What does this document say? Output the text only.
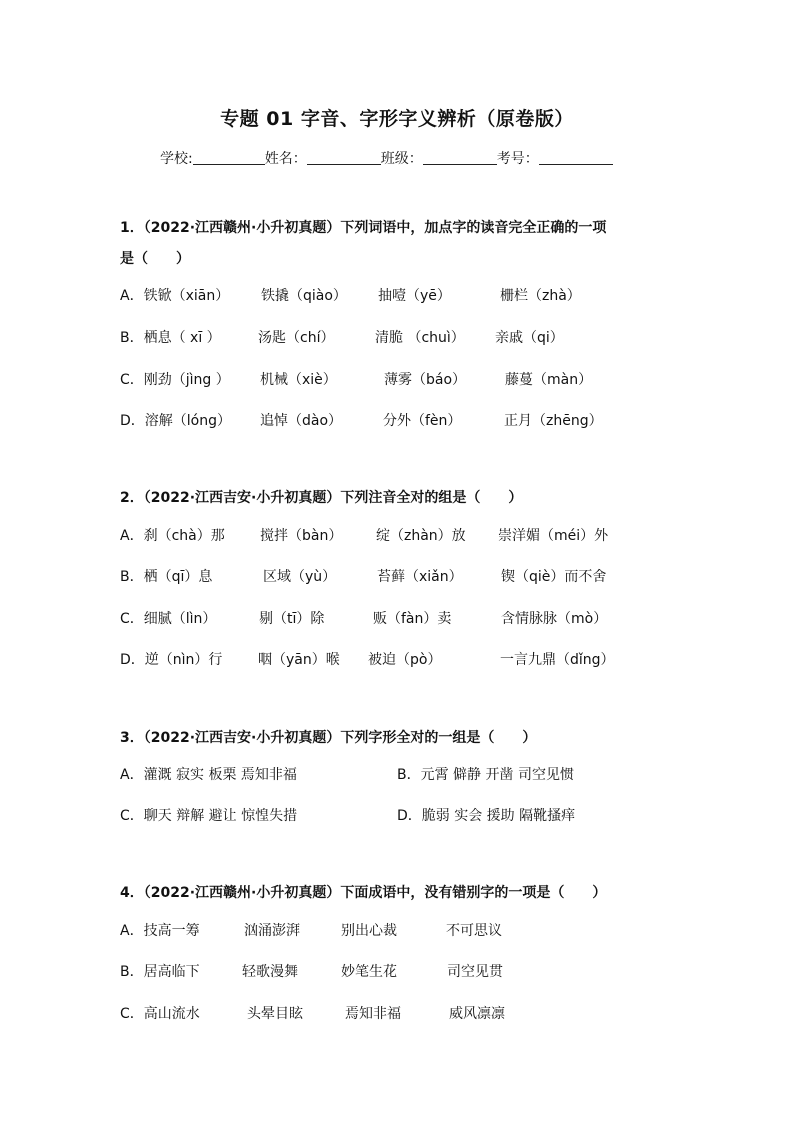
专题 01 字音、字形字义辨析（原卷版）
学校:	姓名：	班级：	考号：
1．（2022·江西赣州·小升初真题）下列词语中，加点字的读音完全正确的一项
是（　　）
A．铁锨（xiān） 铁撬（qiào） 抽噎（yē）	栅栏（zhà）
B．栖息（ xī ）	汤匙（chí）	清脆 （chuì） 亲戚（qi）
C．刚劲（jìng ） 机械（xiè）	薄雾（báo）	藤蔓（màn）
D．溶解（lóng） 追悼（dào）	分外（fèn）	正月（zhēng）
2．（2022·江西吉安·小升初真题）下列注音全对的组是（　　）
A．刹（chà）那	搅拌（bàn） 绽（zhàn）放 崇洋媚（méi）外
B．栖（qī）息	区域（yù）	苔藓（xiǎn）	锲（qiè）而不舍
C．细腻（lìn）	剔（tī）除	贩（fàn）卖	含情脉脉（mò）
D．逆（nìn）行	咽（yān）喉 被迫（pò）	一言九鼎（dǐng）
3．（2022·江西吉安·小升初真题）下列字形全对的一组是（　　）
A．灌溉 寂实 板栗 焉知非福	B．元霄 僻静 开凿 司空见惯
C．聊天 辩解 避让 惊惶失措	D．脆弱 实会 援助 隔靴搔痒
4．（2022·江西赣州·小升初真题）下面成语中，没有错别字的一项是（　　）
A．技高一筹	汹涌澎湃	别出心裁	不可思议
B．居高临下	轻歌漫舞	妙笔生花	司空见贯
C．高山流水	头晕目眩	焉知非福	威风凛凛
